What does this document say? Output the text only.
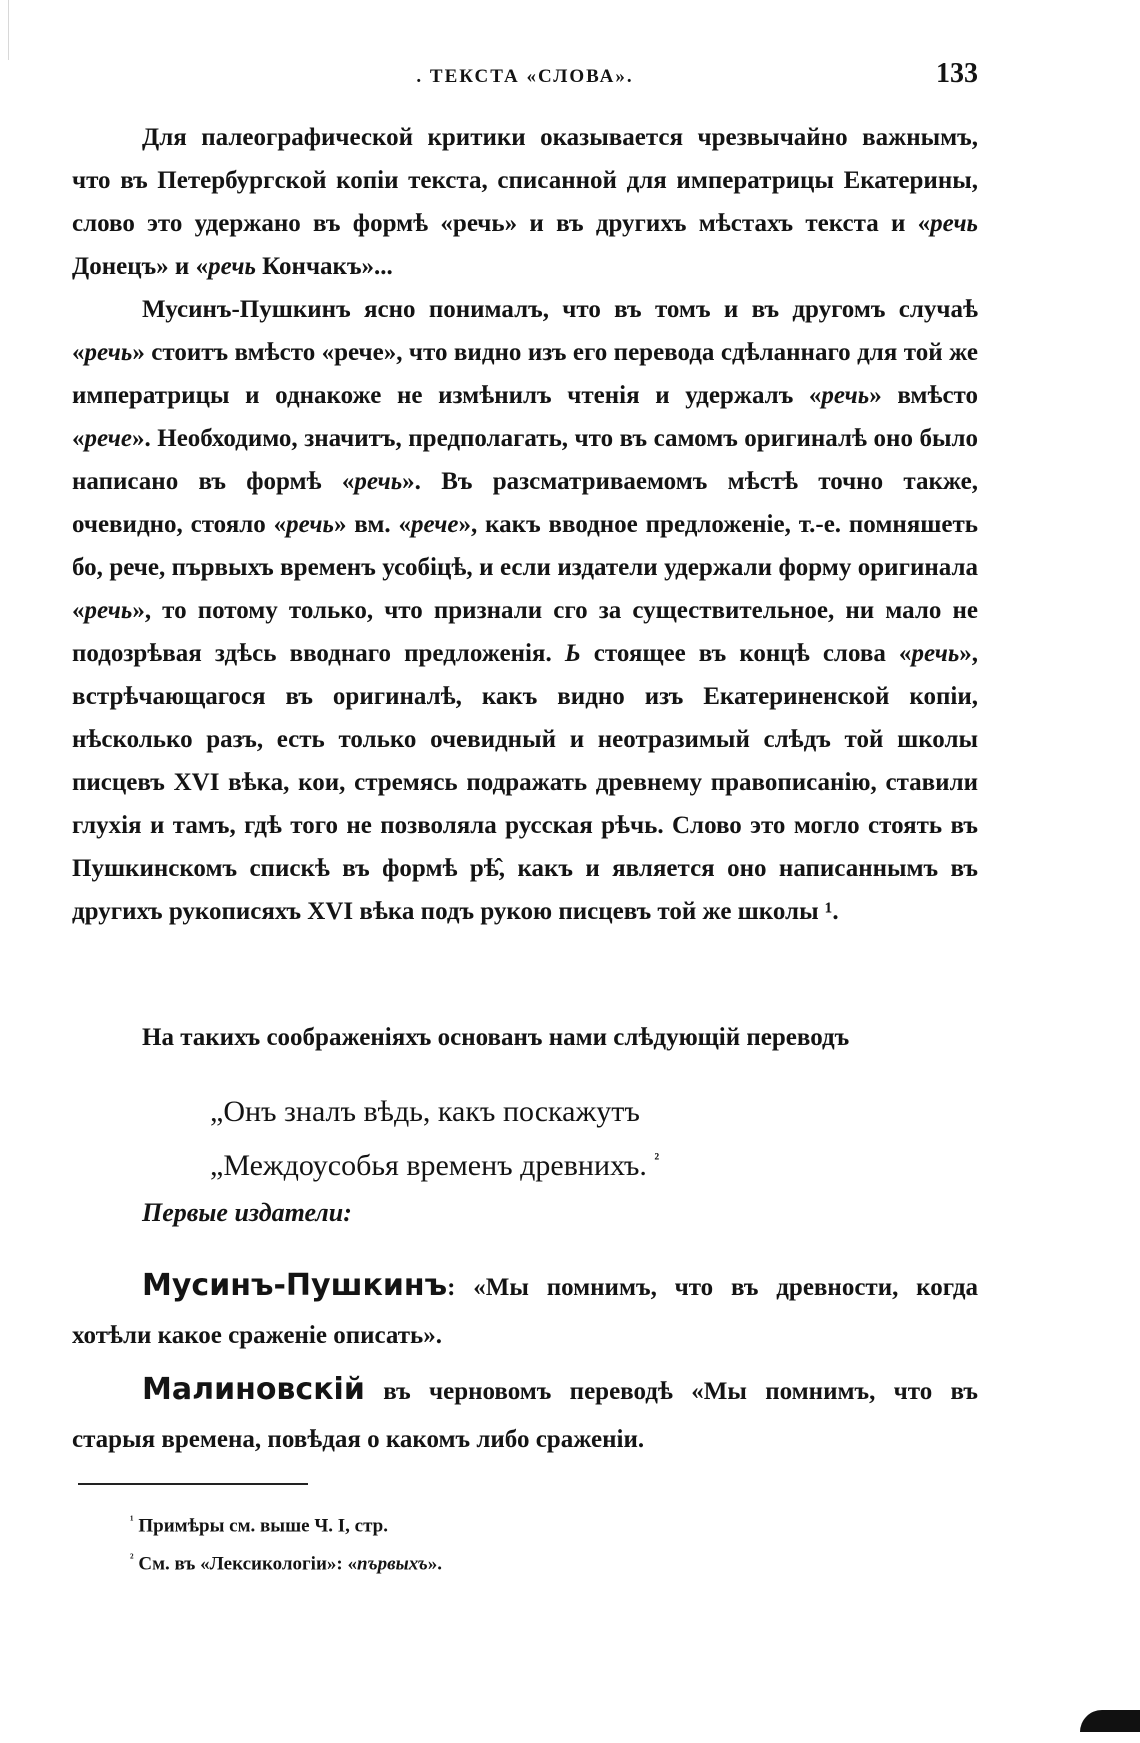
. ТЕКСТА «СЛОВА».	133

Для палеографической критики оказывается чрезвычайно важнымъ, что въ Петербургской копіи текста, списанной для императрицы Екатерины, слово это удержано въ формѣ «речь» и въ другихъ мѣстахъ текста и «речь Донецъ» и «речь Кончакъ»...

Мусинъ-Пушкинъ ясно понималъ, что въ томъ и въ другомъ случаѣ «речь» стоитъ вмѣсто «рече», что видно изъ его перевода сдѣланнаго для той же императрицы и однакоже не измѣнилъ чтенія и удержалъ «речь» вмѣсто «рече». Необходимо, значитъ, предполагать, что въ самомъ оригиналѣ оно было написано въ формѣ «речь». Въ разсматриваемомъ мѣстѣ точно также, очевидно, стояло «речь» вм. «рече», какъ вводное предложеніе, т.-е. помняшеть бо, рече, първыхъ временъ усобіцѣ, и если издатели удержали форму оригинала «речь», то потому только, что признали сго за существительное, ни мало не подозрѣвая здѣсь вводнаго предложенія. Ь стоящее въ концѣ слова «речь», встрѣчающагося въ оригиналѣ, какъ видно изъ Екатериненской копіи, нѣсколько разъ, есть только очевидный и неотразимый слѣдъ той школы писцевъ XVI вѣка, кои, стремясь подражать древнему правописанію, ставили глухія и тамъ, гдѣ того не позволяла русская рѣчь. Слово это могло стоять въ Пушкинскомъ спискѣ въ формѣ рѣ̂, какъ и является оно написаннымъ въ другихъ рукописяхъ XVI вѣка подъ рукою писцевъ той же школы ¹.

На такихъ соображеніяхъ основанъ нами слѣдующій переводъ
„Онъ зналъ вѣдь, какъ поскажутъ
„Междоусобья временъ древнихъ. $^{^2}$
Первые издатели:
Мусинъ-Пушкинъ: «Мы помнимъ, что въ древности, когда хотѣли какое сраженіе описать».
Малиновскій въ черновомъ переводѣ «Мы помнимъ, что въ старыя времена, повѣдая о какомъ либо сраженіи.
$^{^1}$ Примѣры см. выше Ч. I, стр.
$^{^2}$ См. въ «Лексикологіи»: «първыхъ».
